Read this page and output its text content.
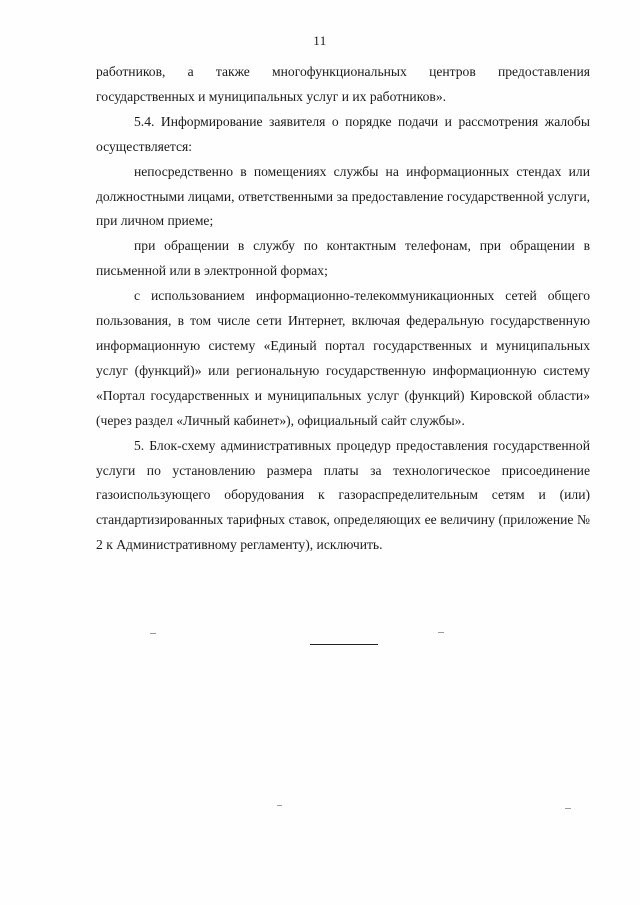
11

работников, а также многофункциональных центров предоставления государственных и муниципальных услуг и их работников».

5.4. Информирование заявителя о порядке подачи и рассмотрения жалобы осуществляется:

непосредственно в помещениях службы на информационных стендах или должностными лицами, ответственными за предоставление государственной услуги, при личном приеме;

при обращении в службу по контактным телефонам, при обращении в письменной или в электронной формах;

с использованием информационно-телекоммуникационных сетей общего пользования, в том числе сети Интернет, включая федеральную государственную информационную систему «Единый портал государственных и муниципальных услуг (функций)» или региональную государственную информационную систему «Портал государственных и муниципальных услуг (функций) Кировской области» (через раздел «Личный кабинет»), официальный сайт службы».

5. Блок-схему административных процедур предоставления государственной услуги по установлению размера платы за технологическое присоединение газоиспользующего оборудования к газораспределительным сетям и (или) стандартизированных тарифных ставок, определяющих ее величину (приложение № 2 к Административному регламенту), исключить.
